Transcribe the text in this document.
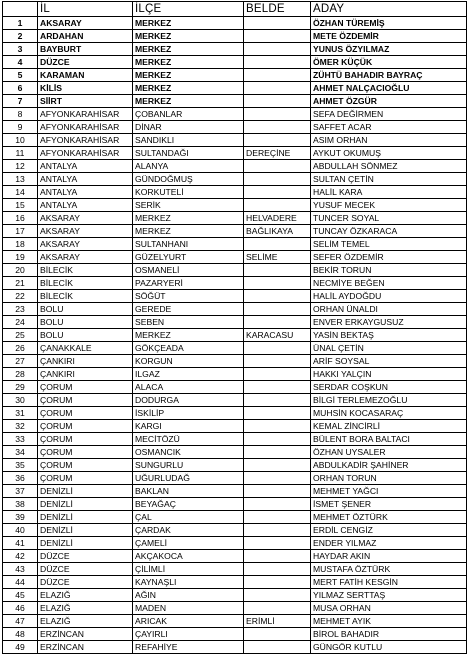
	İL	İLÇE	BELDE	ADAY
1	AKSARAY	MERKEZ		ÖZHAN TÜREMİŞ
2	ARDAHAN	MERKEZ		METE ÖZDEMİR
3	BAYBURT	MERKEZ		YUNUS ÖZYILMAZ
4	DÜZCE	MERKEZ		ÖMER KÜÇÜK
5	KARAMAN	MERKEZ		ZÜHTÜ BAHADIR BAYRAÇ
6	KİLİS	MERKEZ		AHMET NALÇACIOĞLU
7	SİİRT	MERKEZ		AHMET ÖZGÜR
8	AFYONKARAHİSAR	ÇOBANLAR		SEFA DEĞİRMEN
9	AFYONKARAHİSAR	DİNAR		SAFFET ACAR
10	AFYONKARAHİSAR	SANDIKLI		ASIM ORHAN
11	AFYONKARAHİSAR	SULTANDAĞI	DEREÇİNE	AYKUT OKUMUŞ
12	ANTALYA	ALANYA		ABDULLAH SÖNMEZ
13	ANTALYA	GÜNDOĞMUŞ		SULTAN ÇETİN
14	ANTALYA	KORKUTELİ		HALİL KARA
15	ANTALYA	SERİK		YUSUF MECEK
16	AKSARAY	MERKEZ	HELVADERE	TUNCER SOYAL
17	AKSARAY	MERKEZ	BAĞLIKAYA	TUNCAY ÖZKARACA
18	AKSARAY	SULTANHANI		SELİM TEMEL
19	AKSARAY	GÜZELYURT	SELİME	SEFER ÖZDEMİR
20	BİLECİK	OSMANELİ		BEKİR TORUN
21	BİLECİK	PAZARYERİ		NECMİYE BEĞEN
22	BİLECİK	SÖĞÜT		HALİL AYDOĞDU
23	BOLU	GEREDE		ORHAN ÜNALDI
24	BOLU	SEBEN		ENVER ERKAYGUSUZ
25	BOLU	MERKEZ	KARACASU	YASİN BEKTAŞ
26	ÇANAKKALE	GÖKÇEADA		ÜNAL ÇETİN
27	ÇANKIRI	KORGUN		ARİF SOYSAL
28	ÇANKIRI	ILGAZ		HAKKI YALÇIN
29	ÇORUM	ALACA		SERDAR COŞKUN
30	ÇORUM	DODURGA		BİLGİ TERLEMEZOĞLU
31	ÇORUM	İSKİLİP		MUHSİN KOCASARAÇ
32	ÇORUM	KARGI		KEMAL ZİNCİRLİ
33	ÇORUM	MECİTÖZÜ		BÜLENT BORA BALTACI
34	ÇORUM	OSMANCIK		ÖZHAN UYSALER
35	ÇORUM	SUNGURLU		ABDULKADİR ŞAHİNER
36	ÇORUM	UĞURLUDAĞ		ORHAN TORUN
37	DENİZLİ	BAKLAN		MEHMET YAĞCI
38	DENİZLİ	BEYAĞAÇ		İSMET ŞENER
39	DENİZLİ	ÇAL		MEHMET ÖZTÜRK
40	DENİZLİ	ÇARDAK		ERDİL CENGİZ
41	DENİZLİ	ÇAMELİ		ENDER YILMAZ
42	DÜZCE	AKÇAKOCA		HAYDAR AKIN
43	DÜZCE	ÇİLİMLİ		MUSTAFA ÖZTÜRK
44	DÜZCE	KAYNAŞLI		MERT FATİH KESGİN
45	ELAZIĞ	AĞIN		YILMAZ SERTTAŞ
46	ELAZIĞ	MADEN		MUSA ORHAN
47	ELAZIĞ	ARICAK	ERİMLİ	MEHMET AYIK
48	ERZİNCAN	ÇAYIRLI		BİROL BAHADIR
49	ERZİNCAN	REFAHİYE		GÜNGÖR KUTLU
